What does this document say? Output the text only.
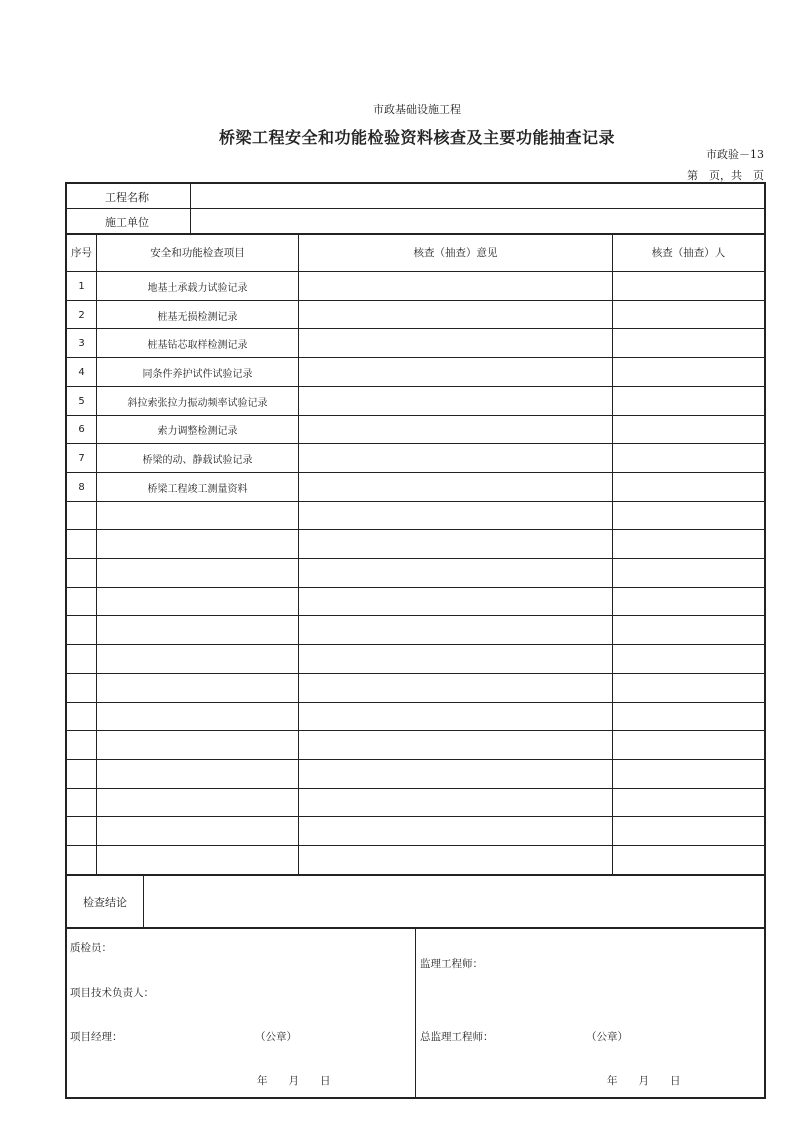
市政基础设施工程
桥梁工程安全和功能检验资料核查及主要功能抽查记录
市政验－13
第　页，共　页
工程名称
施工单位
序号	安全和功能检查项目	核查（抽查）意见	核查（抽查）人
检查结论
质检员：
项目技术负责人：
项目经理：	（公章）
年　　月　　日
监理工程师：
总监理工程师：	（公章）
年　　月　　日
1	地基土承载力试验记录
2	桩基无损检测记录
3	桩基钻芯取样检测记录
4	同条件养护试件试验记录
5	斜拉索张拉力振动频率试验记录
6	索力调整检测记录
7	桥梁的动、静载试验记录
8	桥梁工程竣工测量资料
